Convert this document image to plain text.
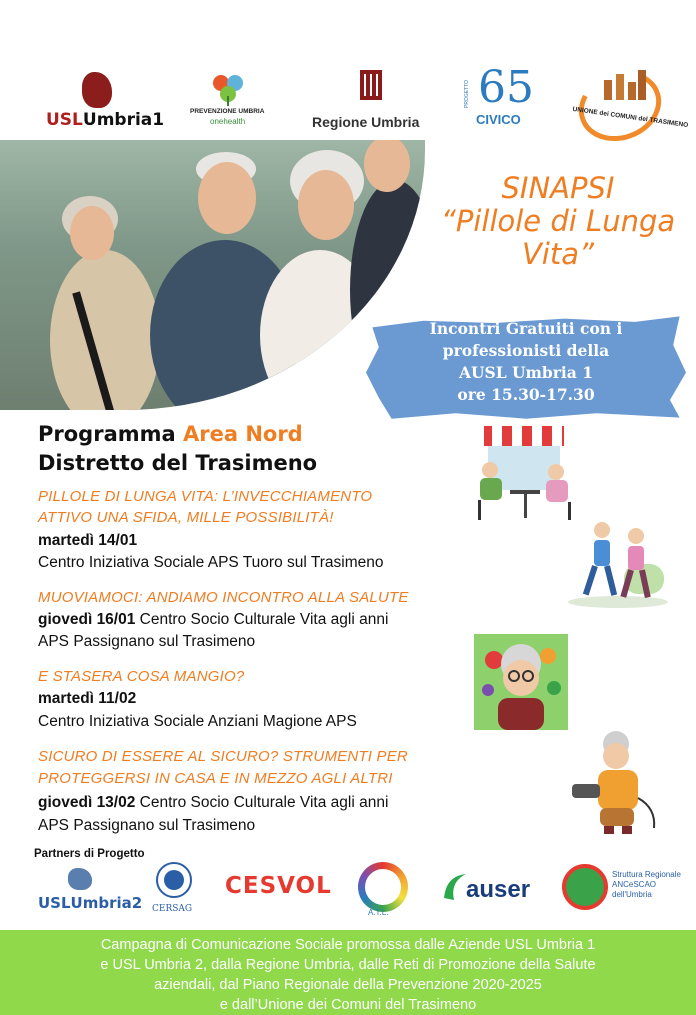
USLUmbria1	PREVENZIONE UMBRIA
onehealth	Regione Umbria
PROGETTO 65
CIVICO	UNIONE dei COMUNI del TRASIMENO
SINAPSI
“Pillole di Lunga
Vita”
Incontri Gratuiti con i
professionisti della
AUSL Umbria 1
ore 15.30-17.30
Programma Area Nord
Distretto del Trasimeno
PILLOLE DI LUNGA VITA: L’INVECCHIAMENTO
ATTIVO UNA SFIDA, MILLE POSSIBILITÀ!
martedì 14/01
Centro Iniziativa Sociale APS Tuoro sul Trasimeno
MUOVIAMOCI: ANDIAMO INCONTRO ALLA SALUTE
giovedì 16/01 Centro Socio Culturale Vita agli anni
APS Passignano sul Trasimeno
E STASERA COSA MANGIO?
martedì 11/02
Centro Iniziativa Sociale Anziani Magione APS
SICURO DI ESSERE AL SICURO? STRUMENTI PER
PROTEGGERSI IN CASA E IN MEZZO AGLI ALTRI
giovedì 13/02 Centro Socio Culturale Vita agli anni
APS Passignano sul Trasimeno
Partners di Progetto
USLUmbria2 CERSAG
CESVOL
A.T.L.
auser
Struttura Regionale
ANCeSCAO
dell'Umbria
Campagna di Comunicazione Sociale promossa dalle Aziende USL Umbria 1
e USL Umbria 2, dalla Regione Umbria, dalle Reti di Promozione della Salute
aziendali, dal Piano Regionale della Prevenzione 2020-2025
e dall’Unione dei Comuni del Trasimeno
